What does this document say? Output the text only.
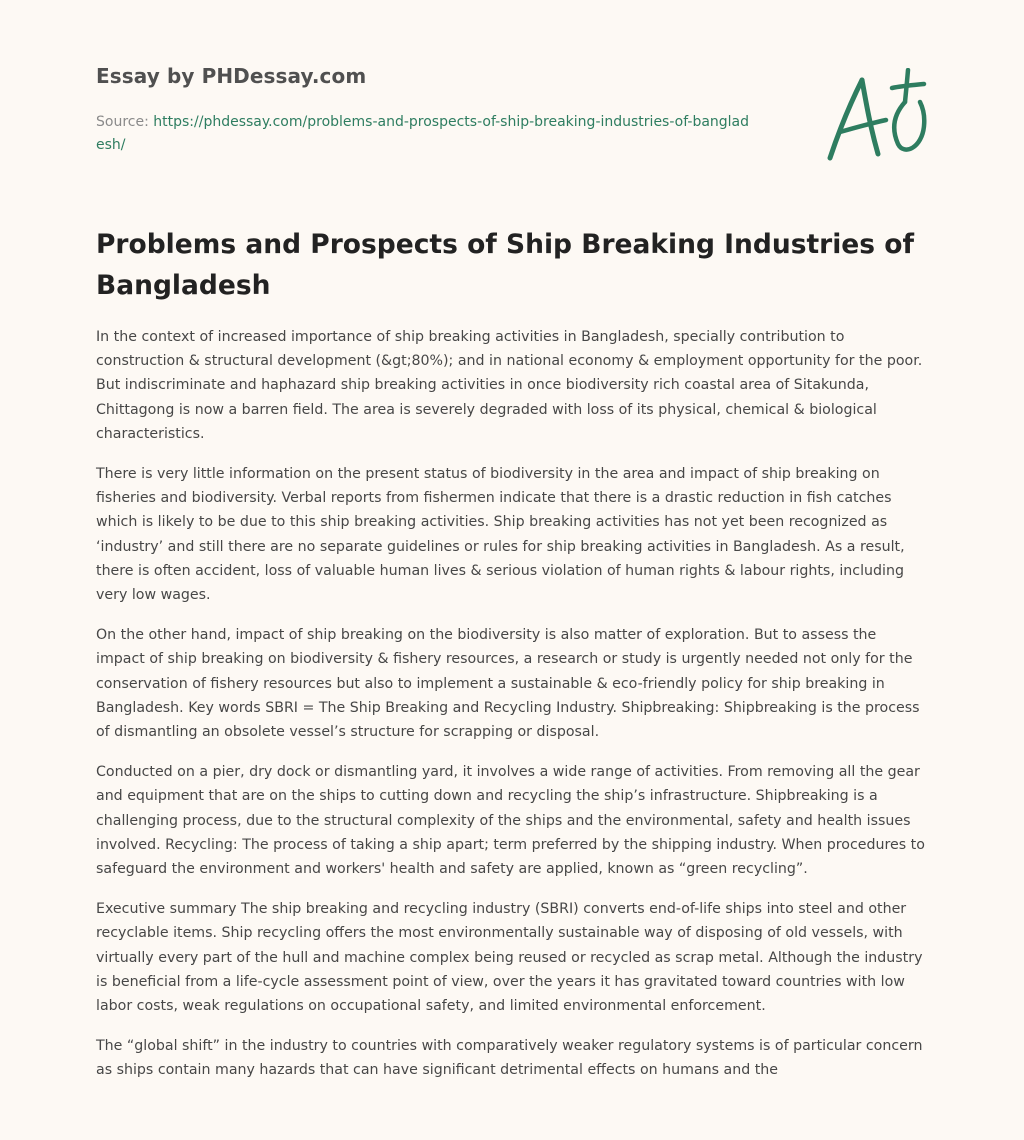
Essay by PHDessay.com
Source: https://phdessay.com/problems-and-prospects-of-ship-breaking-industries-of-bangladesh/
Problems and Prospects of Ship Breaking Industries of Bangladesh

In the context of increased importance of ship breaking activities in Bangladesh, specially contribution to construction & structural development (&gt;80%); and in national economy & employment opportunity for the poor. But indiscriminate and haphazard ship breaking activities in once biodiversity rich coastal area of Sitakunda, Chittagong is now a barren field. The area is severely degraded with loss of its physical, chemical & biological characteristics.

There is very little information on the present status of biodiversity in the area and impact of ship breaking on fisheries and biodiversity. Verbal reports from fishermen indicate that there is a drastic reduction in fish catches which is likely to be due to this ship breaking activities. Ship breaking activities has not yet been recognized as ‘industry’ and still there are no separate guidelines or rules for ship breaking activities in Bangladesh. As a result, there is often accident, loss of valuable human lives & serious violation of human rights & labour rights, including very low wages.

On the other hand, impact of ship breaking on the biodiversity is also matter of exploration. But to assess the impact of ship breaking on biodiversity & fishery resources, a research or study is urgently needed not only for the conservation of fishery resources but also to implement a sustainable & eco-friendly policy for ship breaking in Bangladesh. Key words SBRI = The Ship Breaking and Recycling Industry. Shipbreaking: Shipbreaking is the process of dismantling an obsolete vessel’s structure for scrapping or disposal.

Conducted on a pier, dry dock or dismantling yard, it involves a wide range of activities. From removing all the gear and equipment that are on the ships to cutting down and recycling the ship’s infrastructure. Shipbreaking is a challenging process, due to the structural complexity of the ships and the environmental, safety and health issues involved. Recycling: The process of taking a ship apart; term preferred by the shipping industry. When procedures to safeguard the environment and workers' health and safety are applied, known as “green recycling”.

Executive summary The ship breaking and recycling industry (SBRI) converts end-of-life ships into steel and other recyclable items. Ship recycling offers the most environmentally sustainable way of disposing of old vessels, with virtually every part of the hull and machine complex being reused or recycled as scrap metal. Although the industry is beneficial from a life-cycle assessment point of view, over the years it has gravitated toward countries with low labor costs, weak regulations on occupational safety, and limited environmental enforcement.

The “global shift” in the industry to countries with comparatively weaker regulatory systems is of particular concern as ships contain many hazards that can have significant detrimental effects on humans and the
